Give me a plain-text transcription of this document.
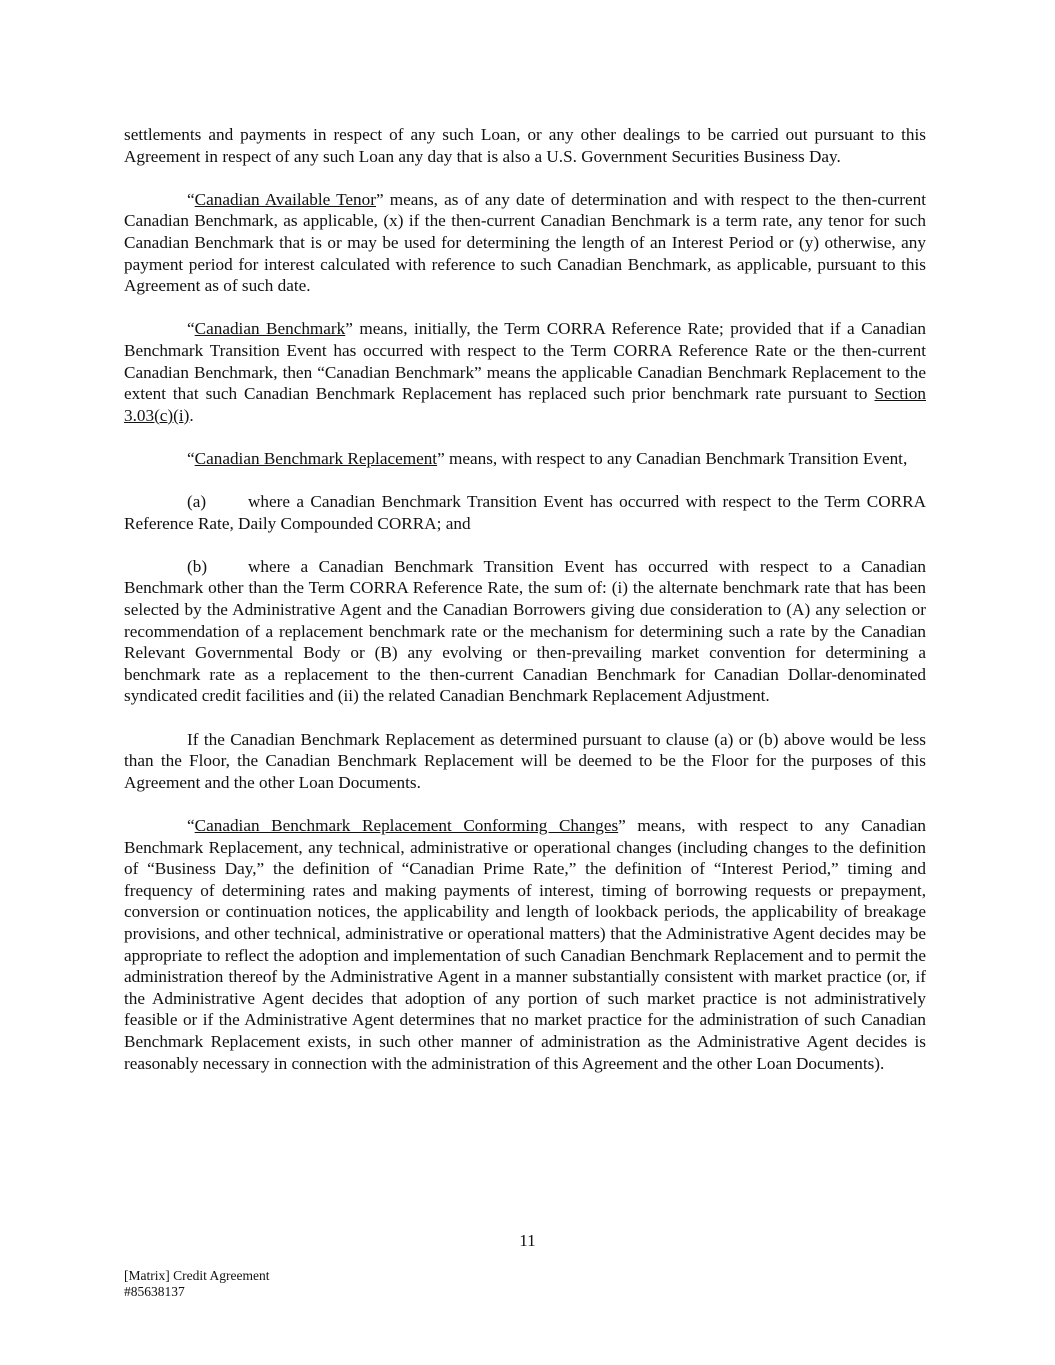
settlements and payments in respect of any such Loan, or any other dealings to be carried out pursuant to this Agreement in respect of any such Loan any day that is also a U.S. Government Securities Business Day.

“Canadian Available Tenor” means, as of any date of determination and with respect to the then-current Canadian Benchmark, as applicable, (x) if the then-current Canadian Benchmark is a term rate, any tenor for such Canadian Benchmark that is or may be used for determining the length of an Interest Period or (y) otherwise, any payment period for interest calculated with reference to such Canadian Benchmark, as applicable, pursuant to this Agreement as of such date.

“Canadian Benchmark” means, initially, the Term CORRA Reference Rate; provided that if a Canadian Benchmark Transition Event has occurred with respect to the Term CORRA Reference Rate or the then-current Canadian Benchmark, then “Canadian Benchmark” means the applicable Canadian Benchmark Replacement to the extent that such Canadian Benchmark Replacement has replaced such prior benchmark rate pursuant to Section 3.03(c)(i).

“Canadian Benchmark Replacement” means, with respect to any Canadian Benchmark Transition Event,

(a) where a Canadian Benchmark Transition Event has occurred with respect to the Term CORRA Reference Rate, Daily Compounded CORRA; and

(b) where a Canadian Benchmark Transition Event has occurred with respect to a Canadian Benchmark other than the Term CORRA Reference Rate, the sum of: (i) the alternate benchmark rate that has been selected by the Administrative Agent and the Canadian Borrowers giving due consideration to (A) any selection or recommendation of a replacement benchmark rate or the mechanism for determining such a rate by the Canadian Relevant Governmental Body or (B) any evolving or then-prevailing market convention for determining a benchmark rate as a replacement to the then-current Canadian Benchmark for Canadian Dollar-denominated syndicated credit facilities and (ii) the related Canadian Benchmark Replacement Adjustment.

If the Canadian Benchmark Replacement as determined pursuant to clause (a) or (b) above would be less than the Floor, the Canadian Benchmark Replacement will be deemed to be the Floor for the purposes of this Agreement and the other Loan Documents.

“Canadian Benchmark Replacement Conforming Changes” means, with respect to any Canadian Benchmark Replacement, any technical, administrative or operational changes (including changes to the definition of “Business Day,” the definition of “Canadian Prime Rate,” the definition of “Interest Period,” timing and frequency of determining rates and making payments of interest, timing of borrowing requests or prepayment, conversion or continuation notices, the applicability and length of lookback periods, the applicability of breakage provisions, and other technical, administrative or operational matters) that the Administrative Agent decides may be appropriate to reflect the adoption and implementation of such Canadian Benchmark Replacement and to permit the administration thereof by the Administrative Agent in a manner substantially consistent with market practice (or, if the Administrative Agent decides that adoption of any portion of such market practice is not administratively feasible or if the Administrative Agent determines that no market practice for the administration of such Canadian Benchmark Replacement exists, in such other manner of administration as the Administrative Agent decides is reasonably necessary in connection with the administration of this Agreement and the other Loan Documents).

11
[Matrix] Credit Agreement
#85638137
